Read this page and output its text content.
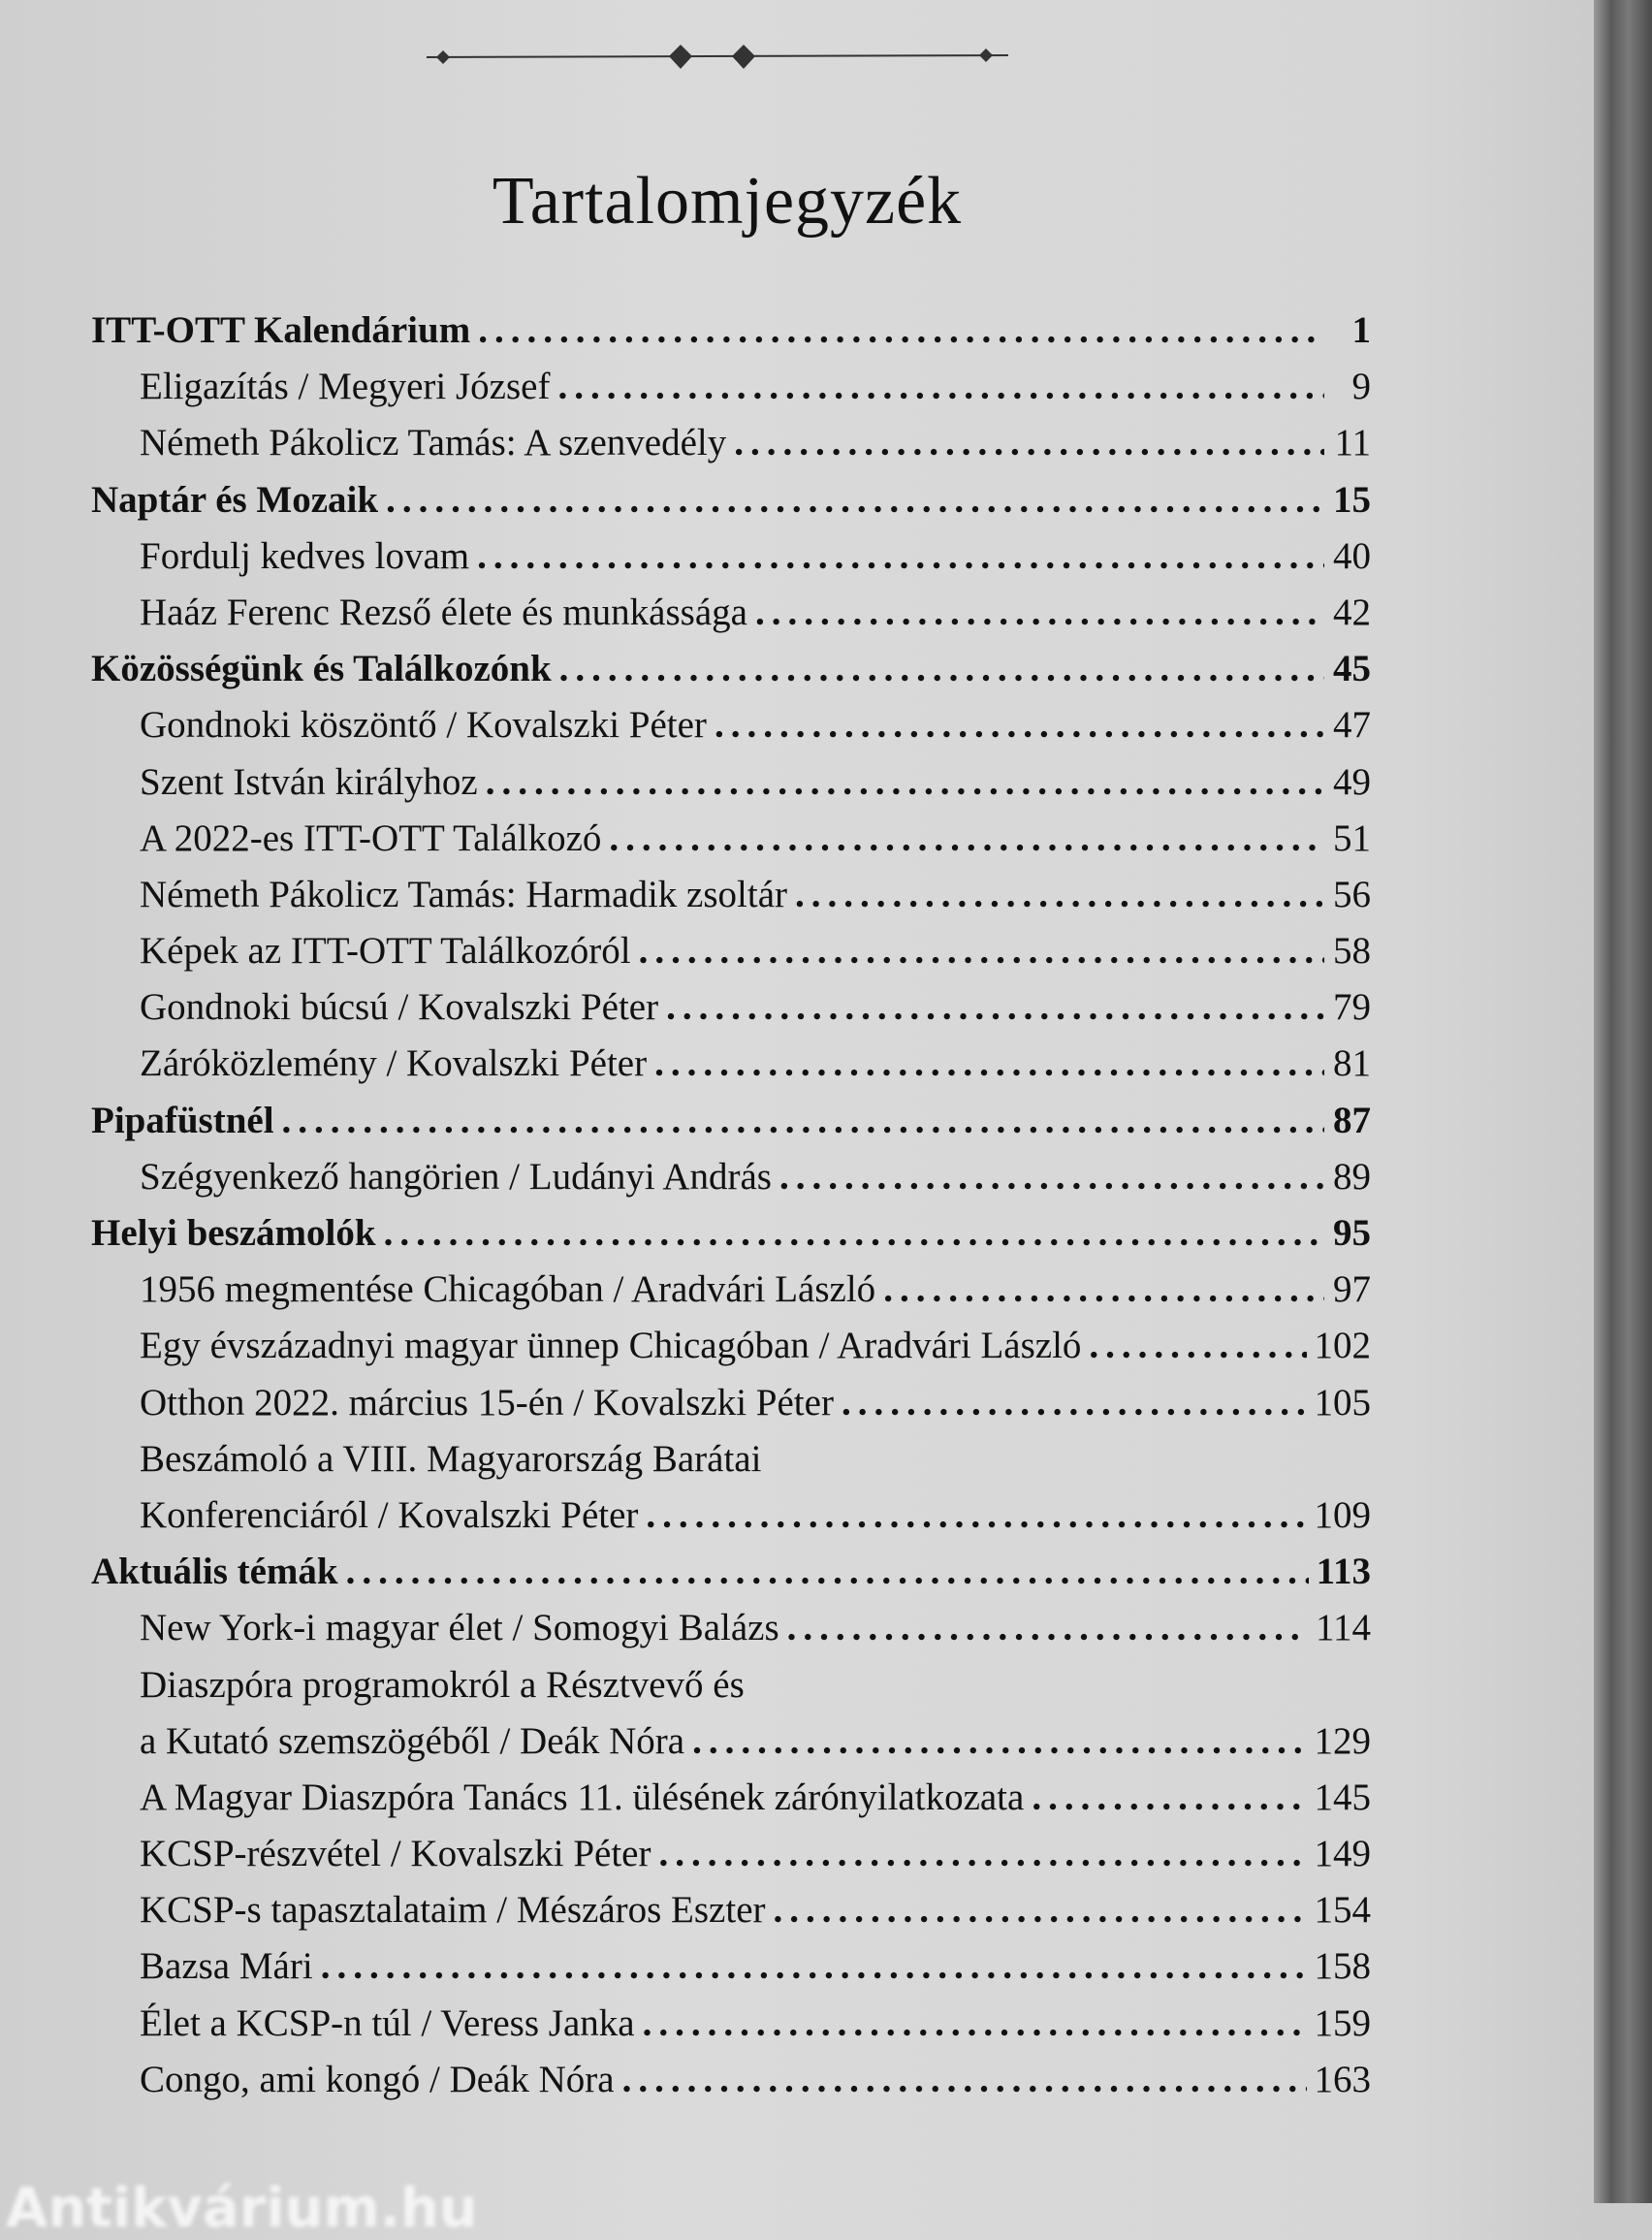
Tartalomjegyzék
ITT-OTT Kalendárium .....	1
Eligazítás / Megyeri József .....	9
Németh Pákolicz Tamás: A szenvedély .....	11
Naptár és Mozaik .....	15
Fordulj kedves lovam .....	40
Haáz Ferenc Rezső élete és munkássága .....	42
Közösségünk és Találkozónk .....	45
Gondnoki köszöntő / Kovalszki Péter .....	47
Szent István királyhoz .....	49
A 2022-es ITT-OTT Találkozó .....	51
Németh Pákolicz Tamás: Harmadik zsoltár .....	56
Képek az ITT-OTT Találkozóról .....	58
Gondnoki búcsú / Kovalszki Péter .....	79
Záróközlemény / Kovalszki Péter .....	81
Pipafüstnél .....	87
Szégyenkező hangörien / Ludányi András .....	89
Helyi beszámolók .....	95
1956 megmentése Chicagóban / Aradvári László .....	97
Egy évszázadnyi magyar ünnep Chicagóban / Aradvári László .....	102
Otthon 2022. március 15-én / Kovalszki Péter .....	105
Beszámoló a VIII. Magyarország Barátai
Konferenciáról / Kovalszki Péter .....	109
Aktuális témák .....	113
New York-i magyar élet / Somogyi Balázs .....	114
Diaszpóra programokról a Résztvevő és
a Kutató szemszögéből / Deák Nóra .....	129
A Magyar Diaszpóra Tanács 11. ülésének zárónyilatkozata .....	145
KCSP-részvétel / Kovalszki Péter .....	149
KCSP-s tapasztalataim / Mészáros Eszter .....	154
Bazsa Mári .....	158
Élet a KCSP-n túl / Veress Janka .....	159
Congo, ami kongó / Deák Nóra .....	163
Antikvárium.hu
